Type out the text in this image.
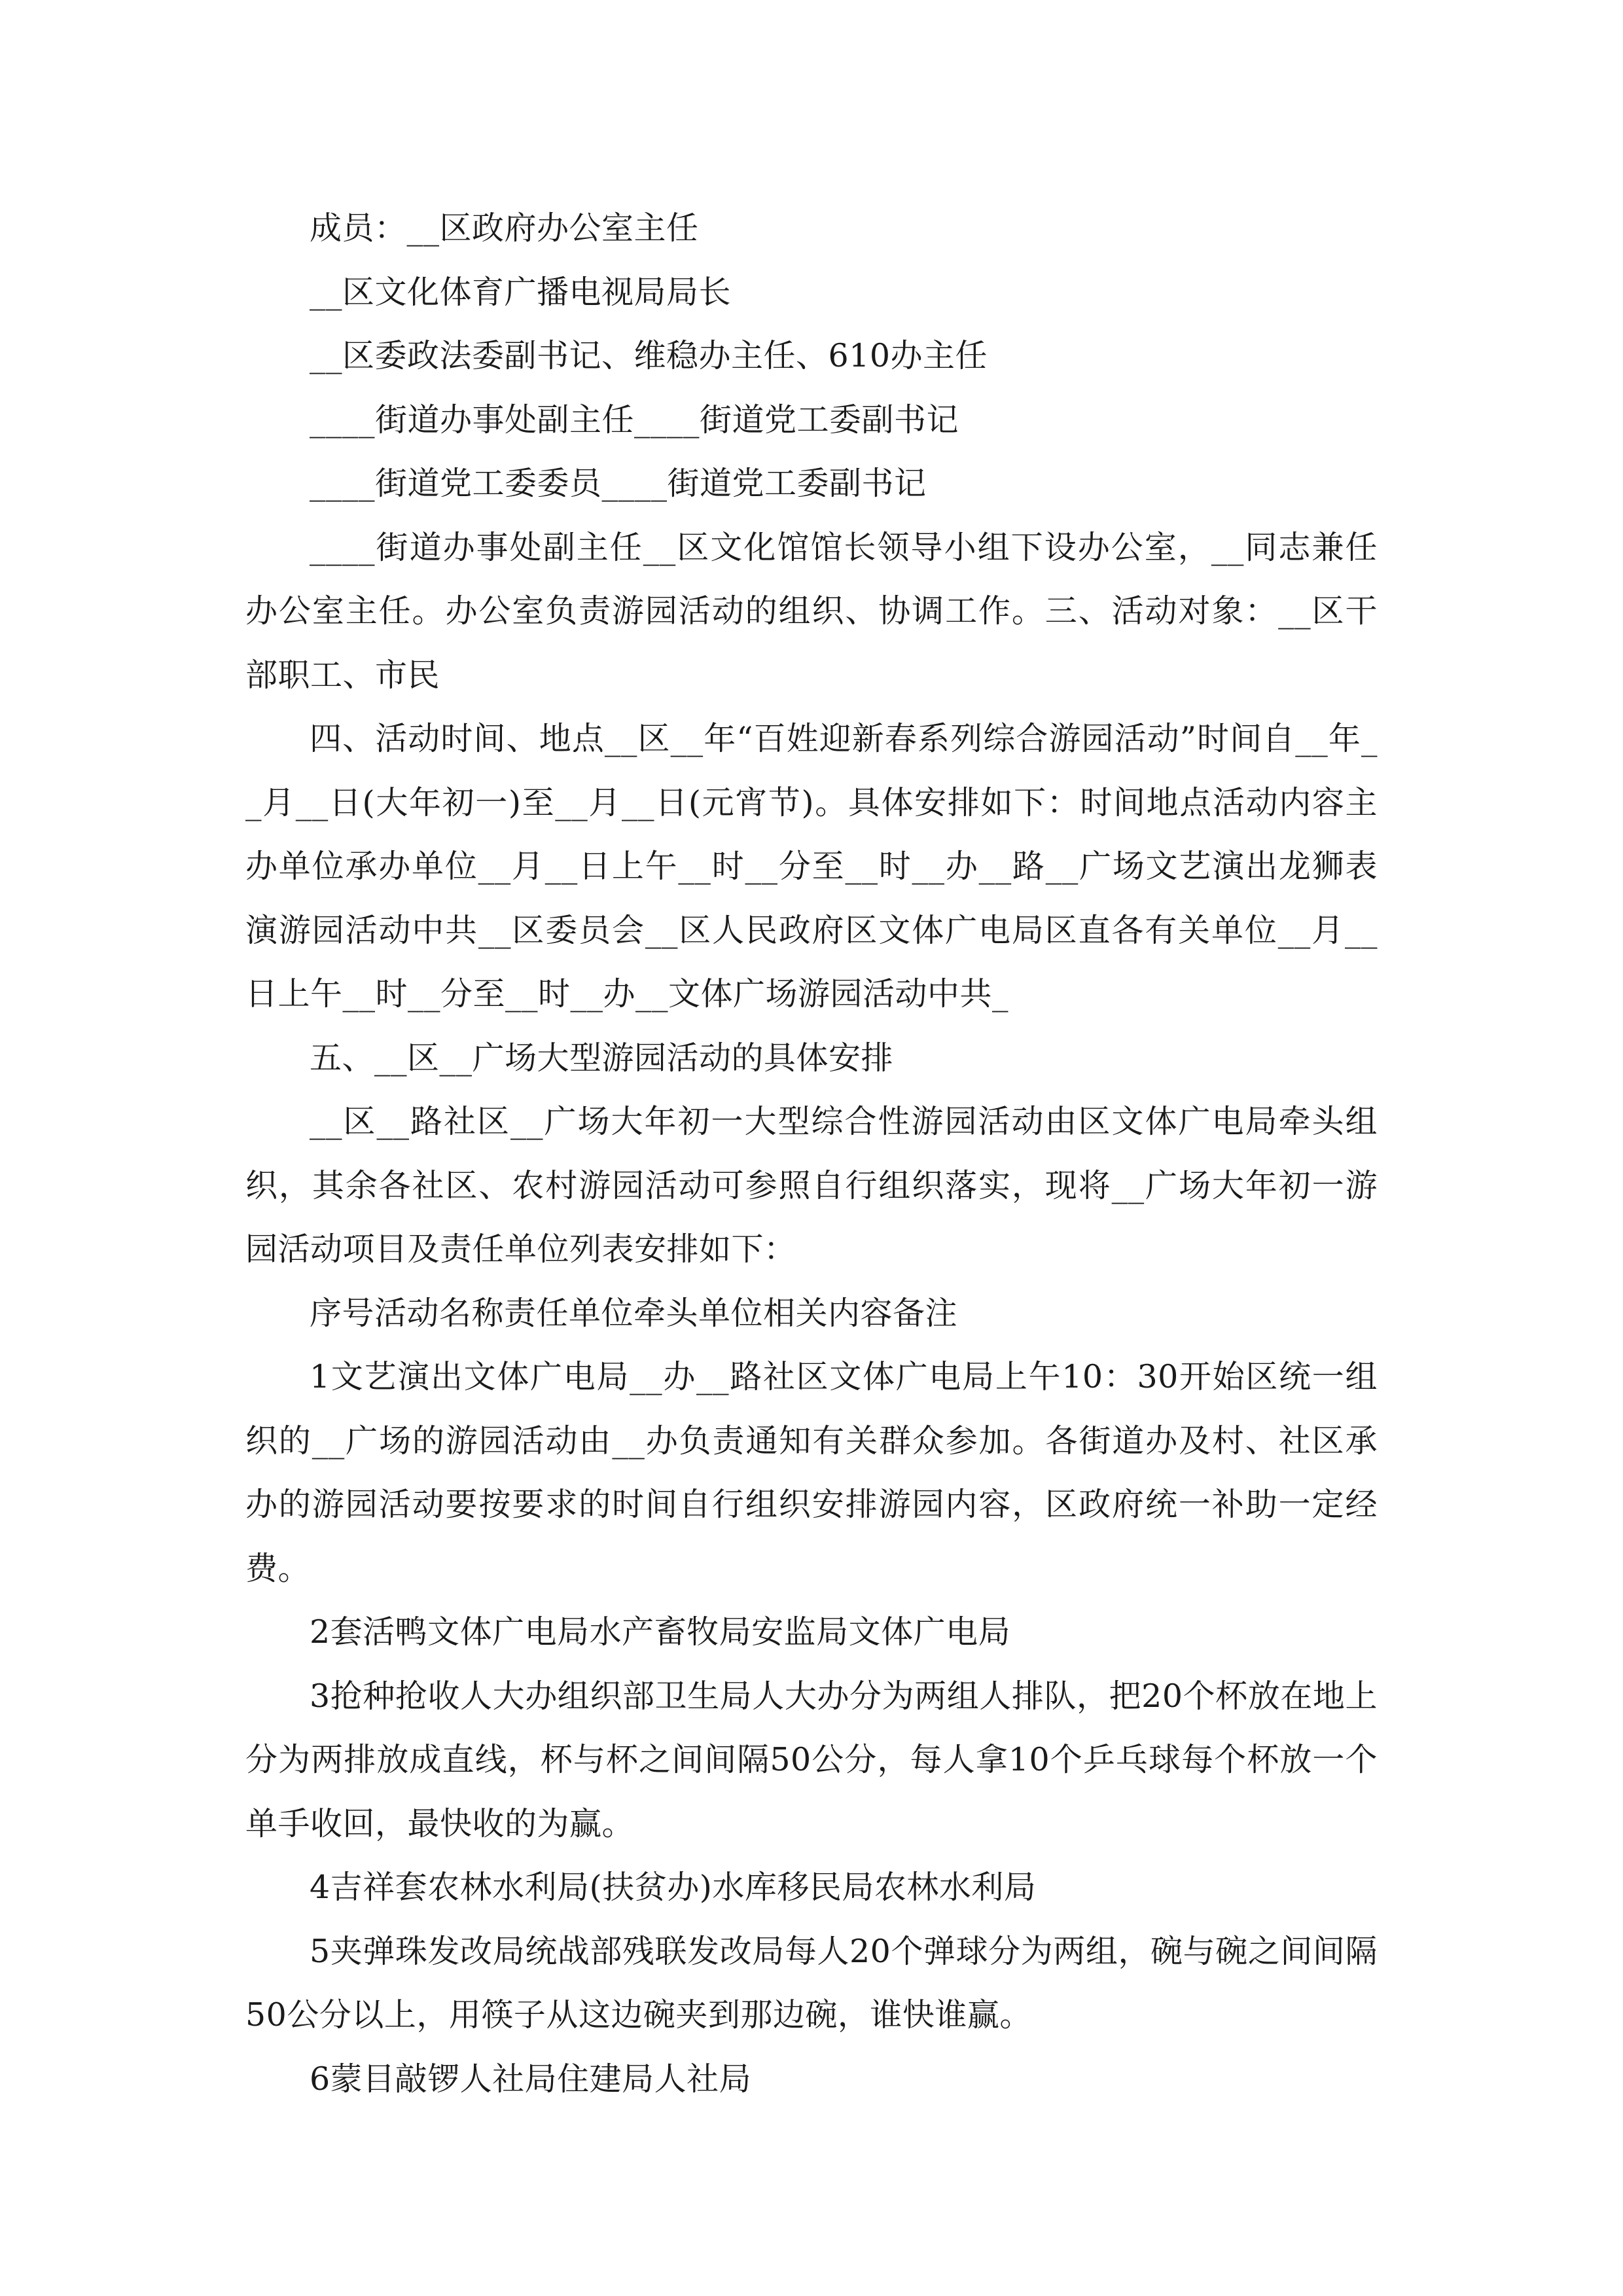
成员：__区政府办公室主任

__区文化体育广播电视局局长

__区委政法委副书记、维稳办主任、610办主任

____街道办事处副主任____街道党工委副书记

____街道党工委委员____街道党工委副书记

____街道办事处副主任__区文化馆馆长领导小组下设办公室，__同志兼任办公室主任。办公室负责游园活动的组织、协调工作。三、活动对象：__区干部职工、市民

四、活动时间、地点__区__年“百姓迎新春系列综合游园活动”时间自__年__月__日(大年初一)至__月__日(元宵节)。具体安排如下：时间地点活动内容主办单位承办单位__月__日上午__时__分至__时__办__路__广场文艺演出龙狮表演游园活动中共__区委员会__区人民政府区文体广电局区直各有关单位__月__日上午__时__分至__时__办__文体广场游园活动中共_

五、__区__广场大型游园活动的具体安排

__区__路社区__广场大年初一大型综合性游园活动由区文体广电局牵头组织，其余各社区、农村游园活动可参照自行组织落实，现将__广场大年初一游园活动项目及责任单位列表安排如下：

序号活动名称责任单位牵头单位相关内容备注

1文艺演出文体广电局__办__路社区文体广电局上午10：30开始区统一组织的__广场的游园活动由__办负责通知有关群众参加。各街道办及村、社区承办的游园活动要按要求的时间自行组织安排游园内容，区政府统一补助一定经费。

2套活鸭文体广电局水产畜牧局安监局文体广电局

3抢种抢收人大办组织部卫生局人大办分为两组人排队，把20个杯放在地上分为两排放成直线，杯与杯之间间隔50公分，每人拿10个乒乓球每个杯放一个单手收回，最快收的为赢。

4吉祥套农林水利局(扶贫办)水库移民局农林水利局

5夹弹珠发改局统战部残联发改局每人20个弹球分为两组，碗与碗之间间隔50公分以上，用筷子从这边碗夹到那边碗，谁快谁赢。

6蒙目敲锣人社局住建局人社局
